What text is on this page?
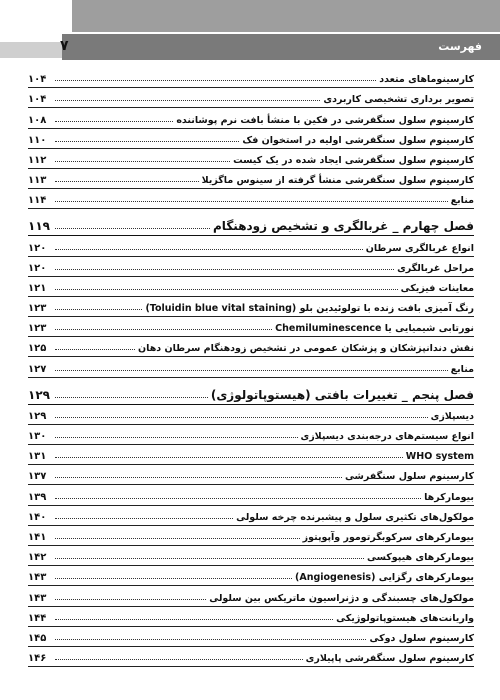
۷	فهرست
کارسینوماهای متعدد
۱۰۴
تصویر برداری تشخیصی کاربردی
۱۰۴
کارسینوم سلول سنگفرشی در فکین با منشأ بافت نرم پوشاننده
۱۰۸
کارسینوم سلول سنگفرشی اولیه در استخوان فک
۱۱۰
کارسینوم سلول سنگفرشی ایجاد شده در یک کیست
۱۱۲
کارسینوم سلول سنگفرشی منشأ گرفته از سینوس ماگزیلا
۱۱۳
منابع
۱۱۴
فصل چهارم _ غربالگری و تشخیص زودهنگام
۱۱۹
انواع غربالگری سرطان
۱۲۰
مراحل غربالگری
۱۲۰
معاینات فیزیکی
۱۲۱
رنگ آمیزی بافت زنده با تولوئیدین بلو (Toluidin blue vital staining)
۱۲۳
نورتابی شیمیایی یا Chemiluminescence
۱۲۳
نقش دندانپزشکان و پزشکان عمومی در تشخیص زودهنگام سرطان دهان
۱۲۵
منابع
۱۲۷
فصل پنجم _ تغییرات بافتی (هیستوپاتولوژی)
۱۲۹
دیسپلازی
۱۲۹
انواع سیستم‌های درجه‌بندی دیسپلازی
۱۳۰
WHO system
۱۳۱
کارسینوم سلول سنگفرشی
۱۳۷
بیومارکرها
۱۳۹
مولکول‌های تکثیری سلول و پیشبرنده چرخه سلولی
۱۴۰
بیومارکرهای سرکوبگرتومور وآپوپتوز
۱۴۱
بیومارکرهای هیپوکسی
۱۴۲
بیومارکرهای رگزایی (Angiogenesis)
۱۴۳
مولکول‌های چسبندگی و دژنراسیون ماتریکس بین سلولی
۱۴۳
واریانت‌های هیستوپاتولوژیکی
۱۴۴
کارسینوم سلول دوکی
۱۴۵
کارسینوم سلول سنگفرشی پاپیلاری
۱۴۶
